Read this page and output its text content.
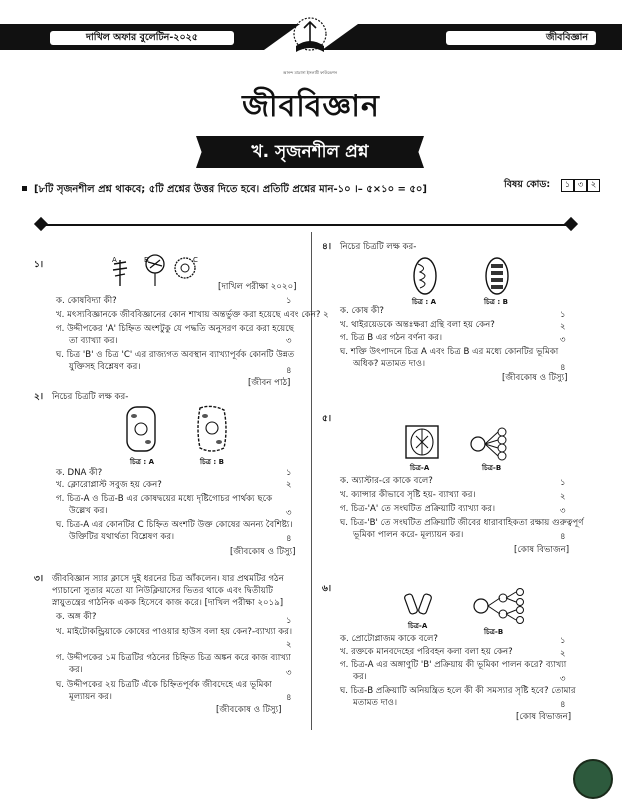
দাখিল অফার বুলেটিন-২০২৫	জীববিজ্ঞান
আনন্দ মাদ্রাসা ইসলামী ফাউন্ডেশন
জীববিজ্ঞান
খ. সৃজনশীল প্রশ্ন
[৮টি সৃজনশীল প্রশ্ন থাকবে; ৫টি প্রশ্নের উত্তর দিতে হবে। প্রতিটি প্রশ্নের মান-১০ ।– ৫×১০ = ৫০]	বিষয় কোড:	১ ৩ ২
১।	A	B	C
[দাখিল পরীক্ষা ২০২০]
ক. কোষবিদ্যা কী?	১
খ. মৎস্যবিজ্ঞানকে জীববিজ্ঞানের কোন শাখায় অন্তর্ভুক্ত করা হয়েছে এবং কেন? ২
গ. উদ্দীপকের 'A' চিহ্নিত অংশটুকু যে পদ্ধতি অনুসরণ করে করা হয়েছে
তা ব্যাখ্যা কর।	৩
ঘ. চিত্র 'B' ও চিত্র 'C' এর রাজ্যগত অবস্থান ব্যাখ্যাপূর্বক কোনটি উন্নত
যুক্তিসহ বিশ্লেষণ কর।	৪
[জীবন পাঠ]
২। নিচের চিত্রটি লক্ষ কর-
চিত্র : A	চিত্র : B
ক. DNA কী?	১
খ. ক্লোরোপ্লাস্ট সবুজ হয় কেন?	২
গ. চিত্র-A ও চিত্র-B এর কোষদ্বয়ের মধ্যে দৃষ্টিগোচর পার্থক্য ছকে
উল্লেখ কর।	৩
ঘ. চিত্র-A এর কোনটির C চিহ্নিত অংশটি উক্ত কোষের অনন্য বৈশিষ্ট্য।
উক্তিটির যথার্থতা বিশ্লেষণ কর।	৪
[জীবকোষ ও টিস্যু]
৩। জীববিজ্ঞান স্যার ক্লাসে দুই ধরনের চিত্র আঁকলেন। যার প্রথমটির গঠন
প্যাচানো সুতার মতো যা নিউক্লিয়াসের ভিতর থাকে এবং দ্বিতীয়টি
স্নায়ুতন্ত্রের গাঠনিক একক হিসেবে কাজ করে। [দাখিল পরীক্ষা ২০১৯]
ক. অঙ্গ কী?	১
খ. মাইটোকন্ড্রিয়াকে কোষের পাওয়ার হাউস বলা হয় কেন?-ব্যাখ্যা কর।
২
গ. উদ্দীপকের ১ম চিত্রটির গঠনের চিহ্নিত চিত্র অঙ্কন করে কাজ ব্যাখ্যা
কর।	৩
ঘ. উদ্দীপকের ২য় চিত্রটি এঁকে চিহ্নিতপূর্বক জীবদেহে এর ভূমিকা
মূল্যায়ন কর।	৪
[জীবকোষ ও টিস্যু]
৪। নিচের চিত্রটি লক্ষ কর-
চিত্র : A	চিত্র : B
ক. কোষ কী?	১
খ. থাইরয়েডকে অন্তঃক্ষরা গ্রন্থি বলা হয় কেন?	২
গ. চিত্র B এর গঠন বর্ণনা কর।	৩
ঘ. শক্তি উৎপাদনে চিত্র A এবং চিত্র B এর মধ্যে কোনটির ভূমিকা
অধিক? মতামত দাও।	৪
[জীবকোষ ও টিস্যু]
৫।
চিত্র-A	চিত্র-B
ক. অ্যাস্টার-রে কাকে বলে?	১
খ. ক্যান্সার কীভাবে সৃষ্টি হয়- ব্যাখ্যা কর।	২
গ. চিত্র-'A' তে সংঘটিত প্রক্রিয়াটি ব্যাখ্যা কর।	৩
ঘ. চিত্র-'B' তে সংঘটিত প্রক্রিয়াটি জীবের ধারাবাহিকতা রক্ষায় গুরুত্বপূর্ণ
ভূমিকা পালন করে- মূল্যায়ন কর।	৪
[কোষ বিভাজন]
৬।
চিত্র-A
চিত্র-B
ক. প্রোটোপ্লাজম কাকে বলে?	১
খ. রক্তকে মানবদেহের পরিবহন কলা বলা হয় কেন?	২
গ. চিত্র-A এর অঙ্গাণুটি 'B' প্রক্রিয়ায় কী ভূমিকা পালন করে? ব্যাখ্যা
কর।	৩
ঘ. চিত্র-B প্রক্রিয়াটি অনিয়ন্ত্রিত হলে কী কী সমস্যার সৃষ্টি হবে? তোমার
মতামত দাও।	৪
[কোষ বিভাজন]
